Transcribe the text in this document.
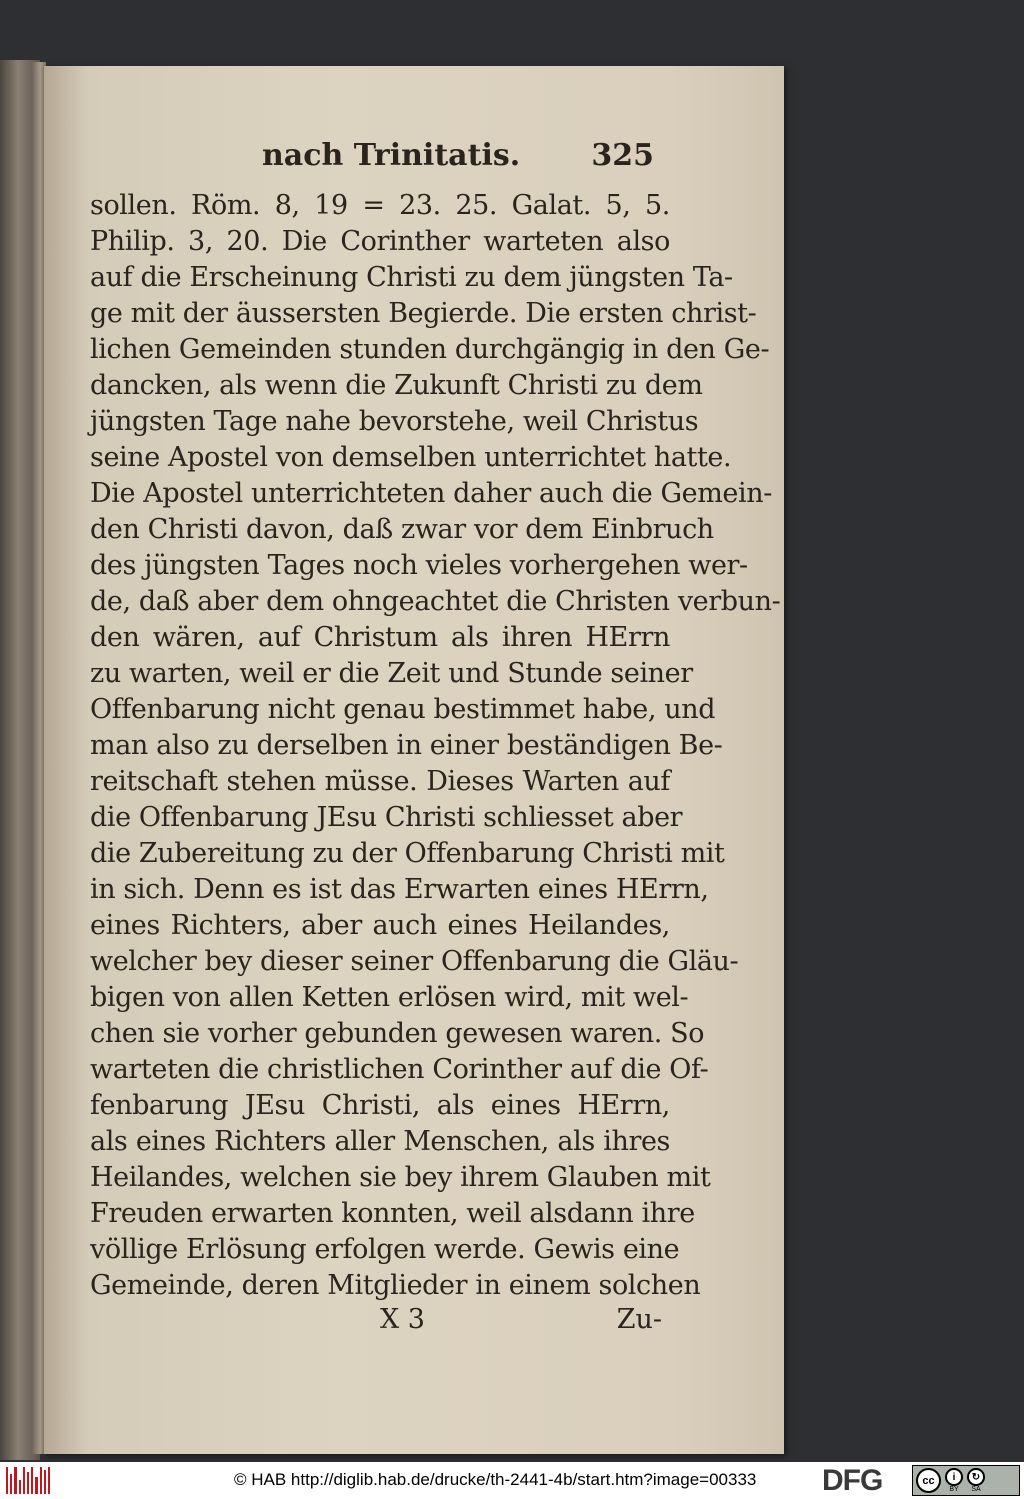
nach Trinitatis. 325
sollen. Röm. 8, 19 = 23. 25. Galat. 5, 5.
Philip. 3, 20. Die Corinther warteten also
auf die Erscheinung Christi zu dem jüngsten Ta-
ge mit der äussersten Begierde. Die ersten christ-
lichen Gemeinden stunden durchgängig in den Ge-
dancken, als wenn die Zukunft Christi zu dem
jüngsten Tage nahe bevorstehe, weil Christus
seine Apostel von demselben unterrichtet hatte.
Die Apostel unterrichteten daher auch die Gemein-
den Christi davon, daß zwar vor dem Einbruch
des jüngsten Tages noch vieles vorhergehen wer-
de, daß aber dem ohngeachtet die Christen verbun-
den wären, auf Christum als ihren HErrn
zu warten, weil er die Zeit und Stunde seiner
Offenbarung nicht genau bestimmet habe, und
man also zu derselben in einer beständigen Be-
reitschaft stehen müsse. Dieses Warten auf
die Offenbarung JEsu Christi schliesset aber
die Zubereitung zu der Offenbarung Christi mit
in sich. Denn es ist das Erwarten eines HErrn,
eines Richters, aber auch eines Heilandes,
welcher bey dieser seiner Offenbarung die Gläu-
bigen von allen Ketten erlösen wird, mit wel-
chen sie vorher gebunden gewesen waren. So
warteten die christlichen Corinther auf die Of-
fenbarung JEsu Christi, als eines HErrn,
als eines Richters aller Menschen, als ihres
Heilandes, welchen sie bey ihrem Glauben mit
Freuden erwarten konnten, weil alsdann ihre
völlige Erlösung erfolgen werde. Gewis eine
Gemeinde, deren Mitglieder in einem solchen
X 3	Zu-
© HAB http://diglib.hab.de/drucke/th-2441-4b/start.htm?image=00333 DFG	cc	i
BY
↻
SA
